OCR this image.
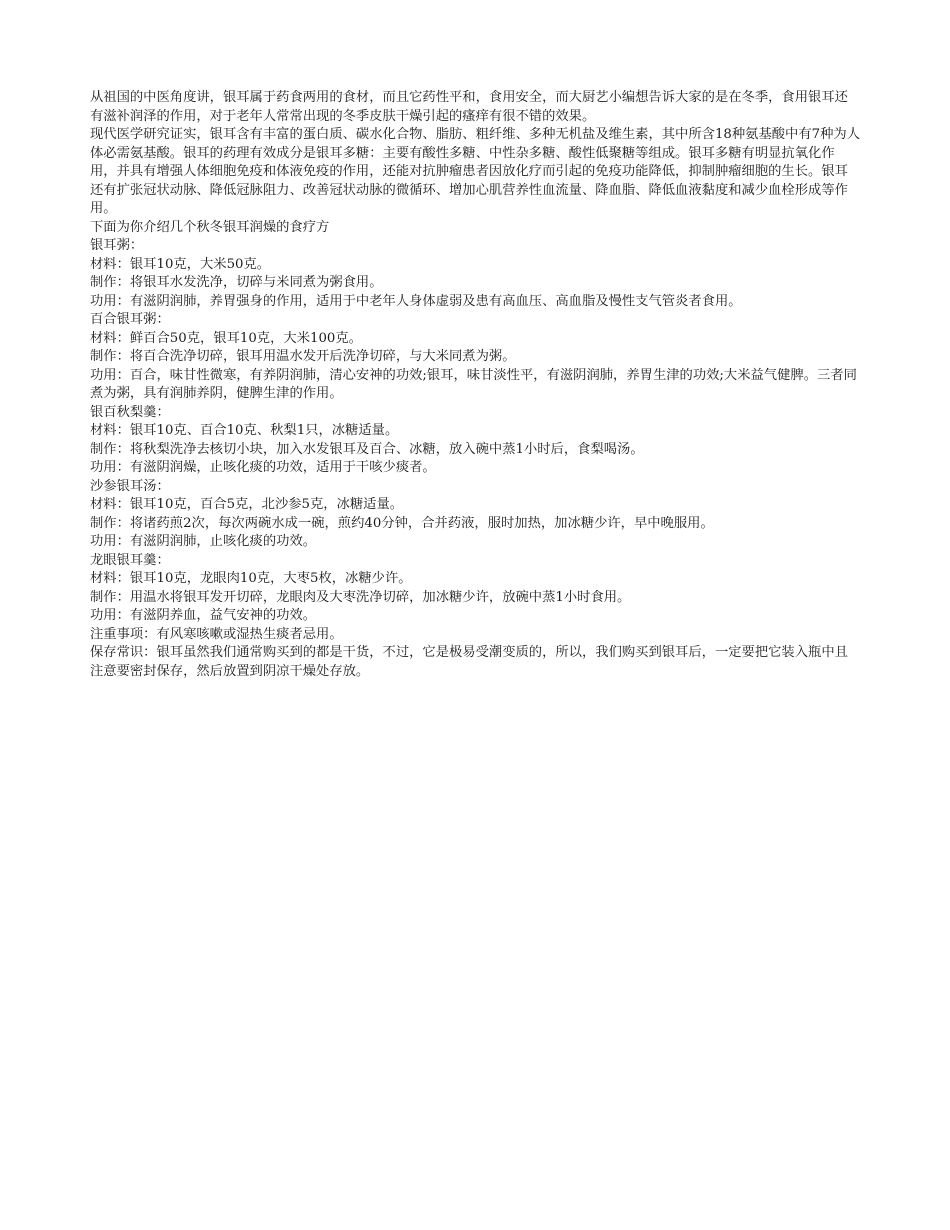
从祖国的中医角度讲，银耳属于药食两用的食材，而且它药性平和，食用安全，而大厨艺小编想告诉大家的是在冬季，食用银耳还有滋补润泽的作用，对于老年人常常出现的冬季皮肤干燥引起的瘙痒有很不错的效果。

现代医学研究证实，银耳含有丰富的蛋白质、碳水化合物、脂肪、粗纤维、多种无机盐及维生素，其中所含18种氨基酸中有7种为人体必需氨基酸。银耳的药理有效成分是银耳多糖：主要有酸性多糖、中性杂多糖、酸性低聚糖等组成。银耳多糖有明显抗氧化作用，并具有增强人体细胞免疫和体液免疫的作用，还能对抗肿瘤患者因放化疗而引起的免疫功能降低，抑制肿瘤细胞的生长。银耳还有扩张冠状动脉、降低冠脉阻力、改善冠状动脉的微循环、增加心肌营养性血流量、降血脂、降低血液黏度和减少血栓形成等作用。

下面为你介绍几个秋冬银耳润燥的食疗方

银耳粥：

材料：银耳10克，大米50克。

制作：将银耳水发洗净，切碎与米同煮为粥食用。

功用：有滋阴润肺，养胃强身的作用，适用于中老年人身体虚弱及患有高血压、高血脂及慢性支气管炎者食用。

百合银耳粥：

材料：鲜百合50克，银耳10克，大米100克。

制作：将百合洗净切碎，银耳用温水发开后洗净切碎，与大米同煮为粥。

功用：百合，味甘性微寒，有养阴润肺，清心安神的功效;银耳，味甘淡性平，有滋阴润肺，养胃生津的功效;大米益气健脾。三者同煮为粥，具有润肺养阴，健脾生津的作用。

银百秋梨羹：

材料：银耳10克、百合10克、秋梨1只，冰糖适量。

制作：将秋梨洗净去核切小块，加入水发银耳及百合、冰糖，放入碗中蒸1小时后，食梨喝汤。

功用：有滋阴润燥，止咳化痰的功效，适用于干咳少痰者。

沙参银耳汤：

材料：银耳10克，百合5克，北沙参5克，冰糖适量。

制作：将诸药煎2次，每次两碗水成一碗，煎约40分钟，合并药液，服时加热，加冰糖少许，早中晚服用。

功用：有滋阴润肺，止咳化痰的功效。

龙眼银耳羹：

材料：银耳10克，龙眼肉10克，大枣5枚，冰糖少许。

制作：用温水将银耳发开切碎，龙眼肉及大枣洗净切碎，加冰糖少许，放碗中蒸1小时食用。

功用：有滋阴养血，益气安神的功效。

注重事项：有风寒咳嗽或湿热生痰者忌用。

保存常识：银耳虽然我们通常购买到的都是干货，不过，它是极易受潮变质的，所以，我们购买到银耳后，一定要把它装入瓶中且注意要密封保存，然后放置到阴凉干燥处存放。
